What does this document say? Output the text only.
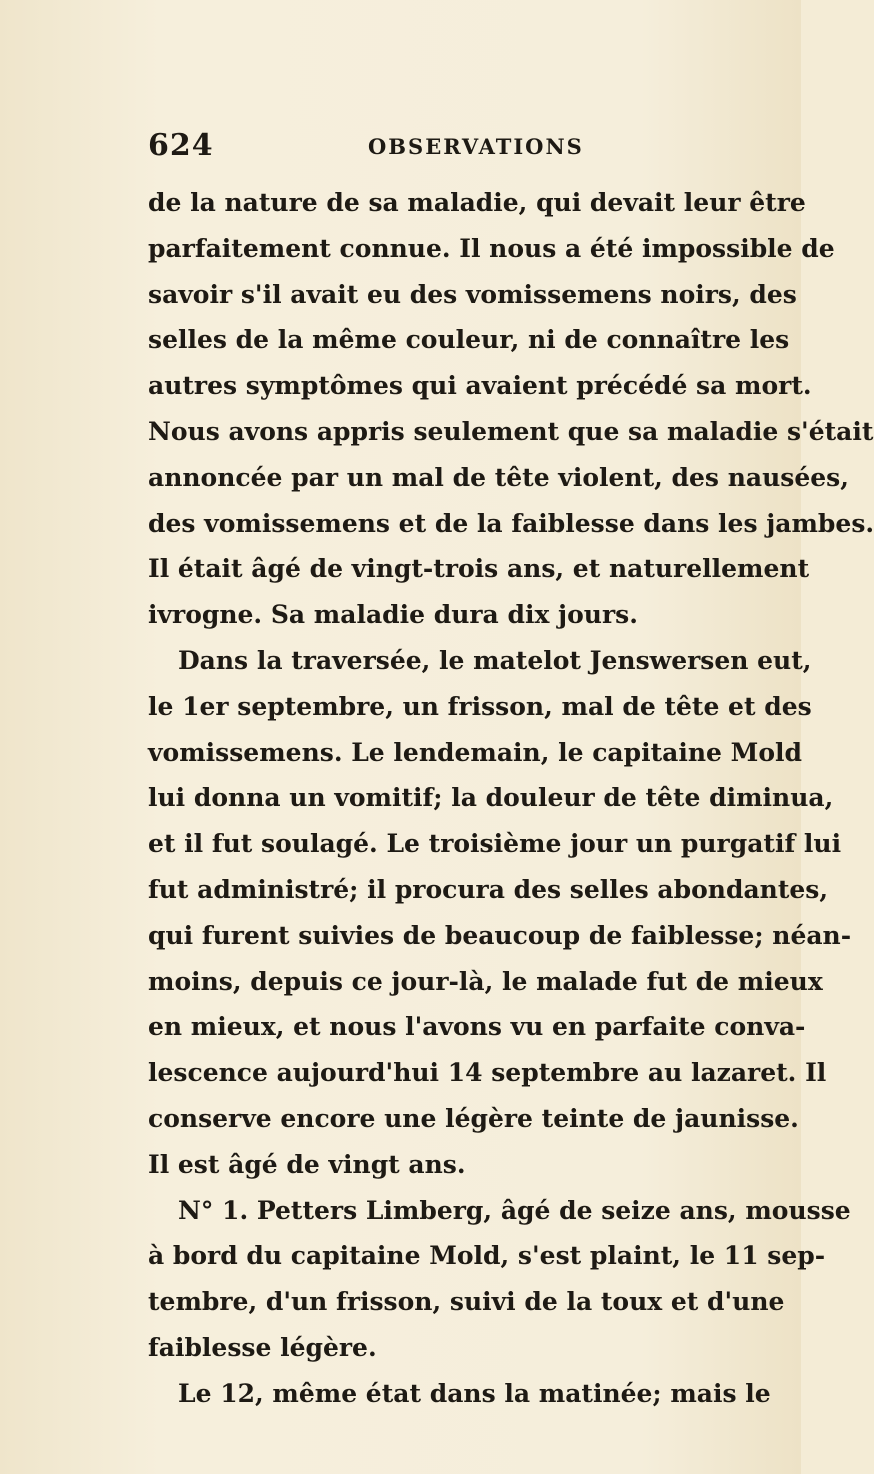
624	OBSERVATIONS
de la nature de sa maladie, qui devait leur être
parfaitement connue. Il nous a été impossible de
savoir s'il avait eu des vomissemens noirs, des
selles de la même couleur, ni de connaître les
autres symptômes qui avaient précédé sa mort.
Nous avons appris seulement que sa maladie s'était
annoncée par un mal de tête violent, des nausées,
des vomissemens et de la faiblesse dans les jambes.
Il était âgé de vingt-trois ans, et naturellement
ivrogne. Sa maladie dura dix jours.
Dans la traversée, le matelot Jenswersen eut,
le 1er septembre, un frisson, mal de tête et des
vomissemens. Le lendemain, le capitaine Mold
lui donna un vomitif; la douleur de tête diminua,
et il fut soulagé. Le troisième jour un purgatif lui
fut administré; il procura des selles abondantes,
qui furent suivies de beaucoup de faiblesse; néan-
moins, depuis ce jour-là, le malade fut de mieux
en mieux, et nous l'avons vu en parfaite conva-
lescence aujourd'hui 14 septembre au lazaret. Il
conserve encore une légère teinte de jaunisse.
Il est âgé de vingt ans.
N° 1. Petters Limberg, âgé de seize ans, mousse
à bord du capitaine Mold, s'est plaint, le 11 sep-
tembre, d'un frisson, suivi de la toux et d'une
faiblesse légère.
Le 12, même état dans la matinée; mais le
